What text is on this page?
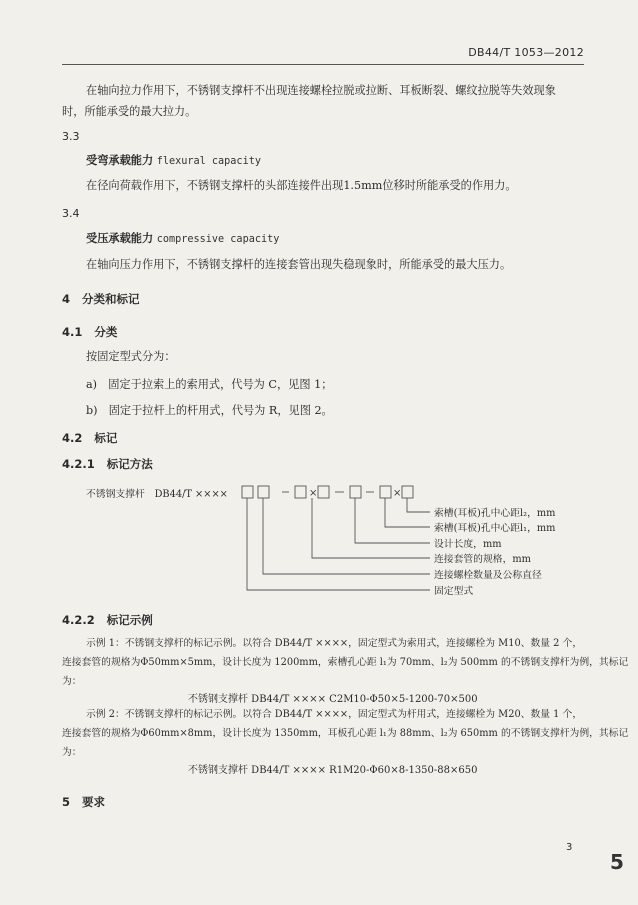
DB44/T 1053—2012
在轴向拉力作用下，不锈钢支撑杆不出现连接螺栓拉脱或拉断、耳板断裂、螺纹拉脱等失效现象
时，所能承受的最大拉力。
3.3
受弯承载能力 flexural capacity
在径向荷载作用下，不锈钢支撑杆的头部连接件出现1.5mm位移时所能承受的作用力。
3.4
受压承载能力 compressive capacity
在轴向压力作用下，不锈钢支撑杆的连接套管出现失稳现象时，所能承受的最大压力。
4 分类和标记
4.1 分类
按固定型式分为：
a)　固定于拉索上的索用式，代号为 C，见图 1；
b)　固定于拉杆上的杆用式，代号为 R，见图 2。
4.2 标记
4.2.1 标记方法
不锈钢支撑杆　DB44/T ××××	×	×
索槽(耳板)孔中心距l₂，mm
索槽(耳板)孔中心距l₁，mm
设计长度，mm
连接套管的规格，mm
连接螺栓数量及公称直径
固定型式
4.2.2 标记示例
示例 1：不锈钢支撑杆的标记示例。以符合 DB44/T ××××，固定型式为索用式，连接螺栓为 M10、数量 2 个，
连接套管的规格为Φ50mm×5mm，设计长度为 1200mm，索槽孔心距 l₁为 70mm、l₂为 500mm 的不锈钢支撑杆为例，其标记
为：
不锈钢支撑杆 DB44/T ×××× C2M10-Φ50×5-1200-70×500
示例 2：不锈钢支撑杆的标记示例。以符合 DB44/T ××××，固定型式为杆用式，连接螺栓为 M20、数量 1 个，
连接套管的规格为Φ60mm×8mm，设计长度为 1350mm，耳板孔心距 l₁为 88mm、l₂为 650mm 的不锈钢支撑杆为例，其标记
为：
不锈钢支撑杆 DB44/T ×××× R1M20-Φ60×8-1350-88×650
5 要求
3
5
